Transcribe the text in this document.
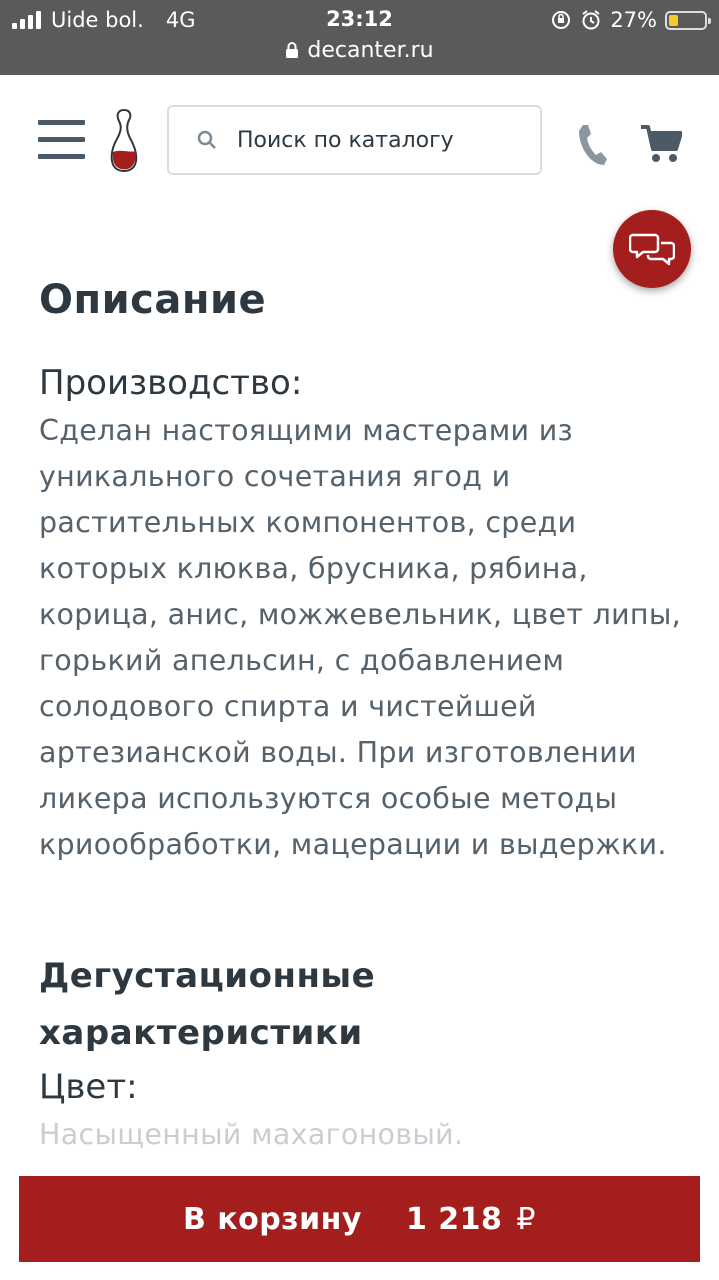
Uide bol. 4G	23:12	27%
decanter.ru
Поиск по каталогу
Описание

Производство:

Сделан настоящими мастерами из уникального сочетания ягод и растительных компонентов, среди которых клюква, брусника, рябина, корица, анис, можжевельник, цвет липы, горький апельсин, с добавлением солодового спирта и чистейшей артезианской воды. При изготовлении ликера используются особые методы криообработки, мацерации и выдержки.

Дегустационные характеристики

Цвет:

Насыщенный махагоновый.

В корзину 1 218 ₽
